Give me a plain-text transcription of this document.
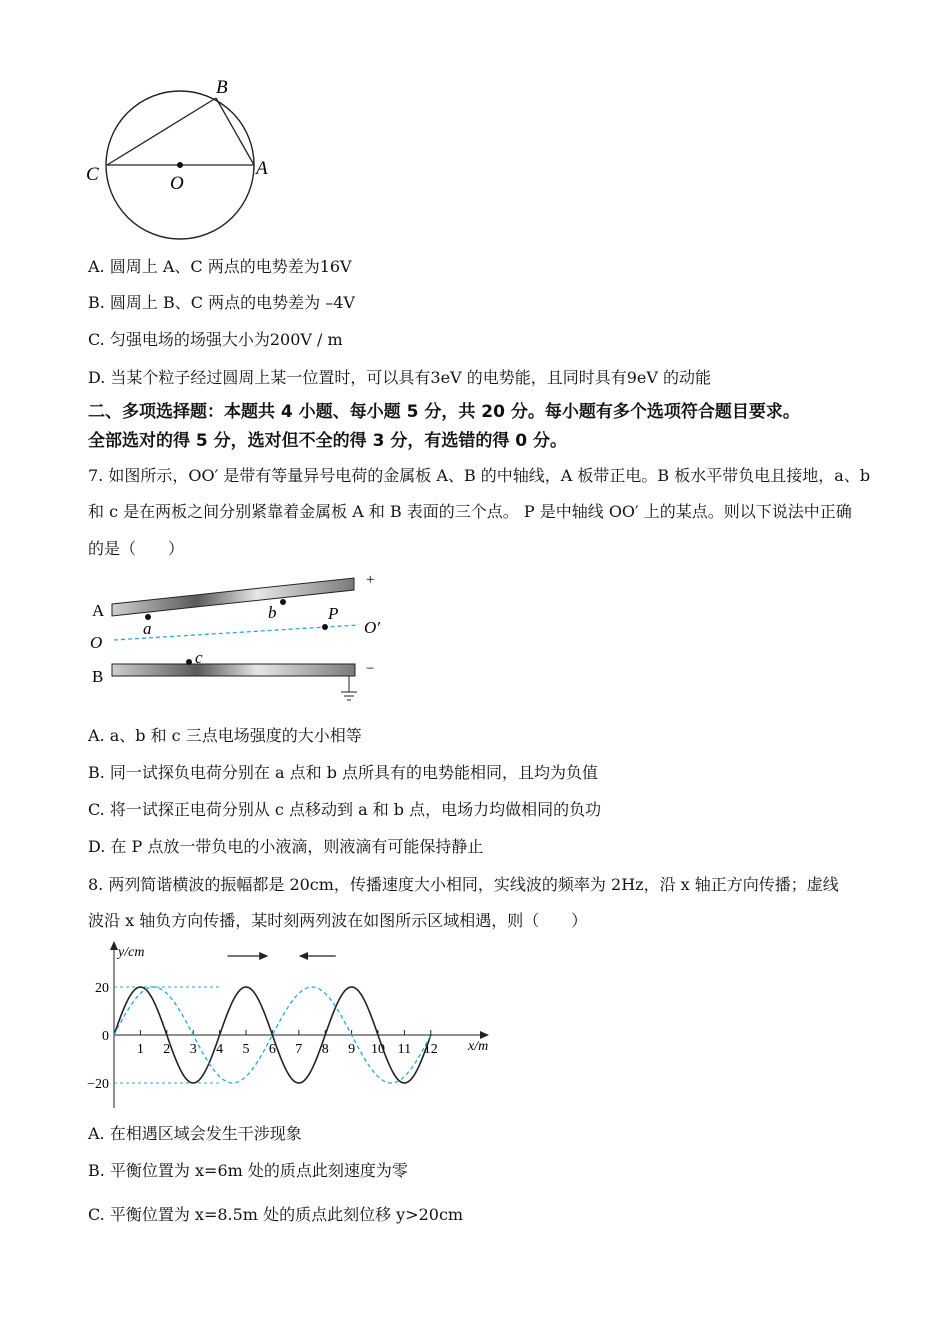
B
C	A
O
A. 圆周上 A、C 两点的电势差为16V
B. 圆周上 B、C 两点的电势差为 –4V
C. 匀强电场的场强大小为200V / m
D. 当某个粒子经过圆周上某一位置时，可以具有3eV 的电势能，且同时具有9eV 的动能
二、多项选择题：本题共 4 小题、每小题 5 分，共 20 分。每小题有多个选项符合题目要求。
全部选对的得 5 分，选对但不全的得 3 分，有选错的得 0 分。
7. 如图所示，OO′ 是带有等量异号电荷的金属板 A、B 的中轴线，A 板带正电。B 板水平带负电且接地，a、b
和 c 是在两板之间分别紧靠着金属板 A 和 B 表面的三个点。 P 是中轴线 OO′ 上的某点。则以下说法中正确
的是（　　）
A
B
+
−
a
b	P
c
O
O′
A. a、b 和 c 三点电场强度的大小相等
B. 同一试探负电荷分别在 a 点和 b 点所具有的电势能相同，且均为负值
C. 将一试探正电荷分别从 c 点移动到 a 和 b 点，电场力均做相同的负功
D. 在 P 点放一带负电的小液滴，则液滴有可能保持静止
8. 两列简谐横波的振幅都是 20cm，传播速度大小相同，实线波的频率为 2Hz，沿 x 轴正方向传播；虚线
波沿 x 轴负方向传播，某时刻两列波在如图所示区域相遇，则（　　）
20
0
−20
1 2 3 4 5 6 7 8 9 10 11 12
y/cm
x/m
A. 在相遇区域会发生干涉现象
B. 平衡位置为 x=6m 处的质点此刻速度为零
C. 平衡位置为 x=8.5m 处的质点此刻位移 y>20cm
